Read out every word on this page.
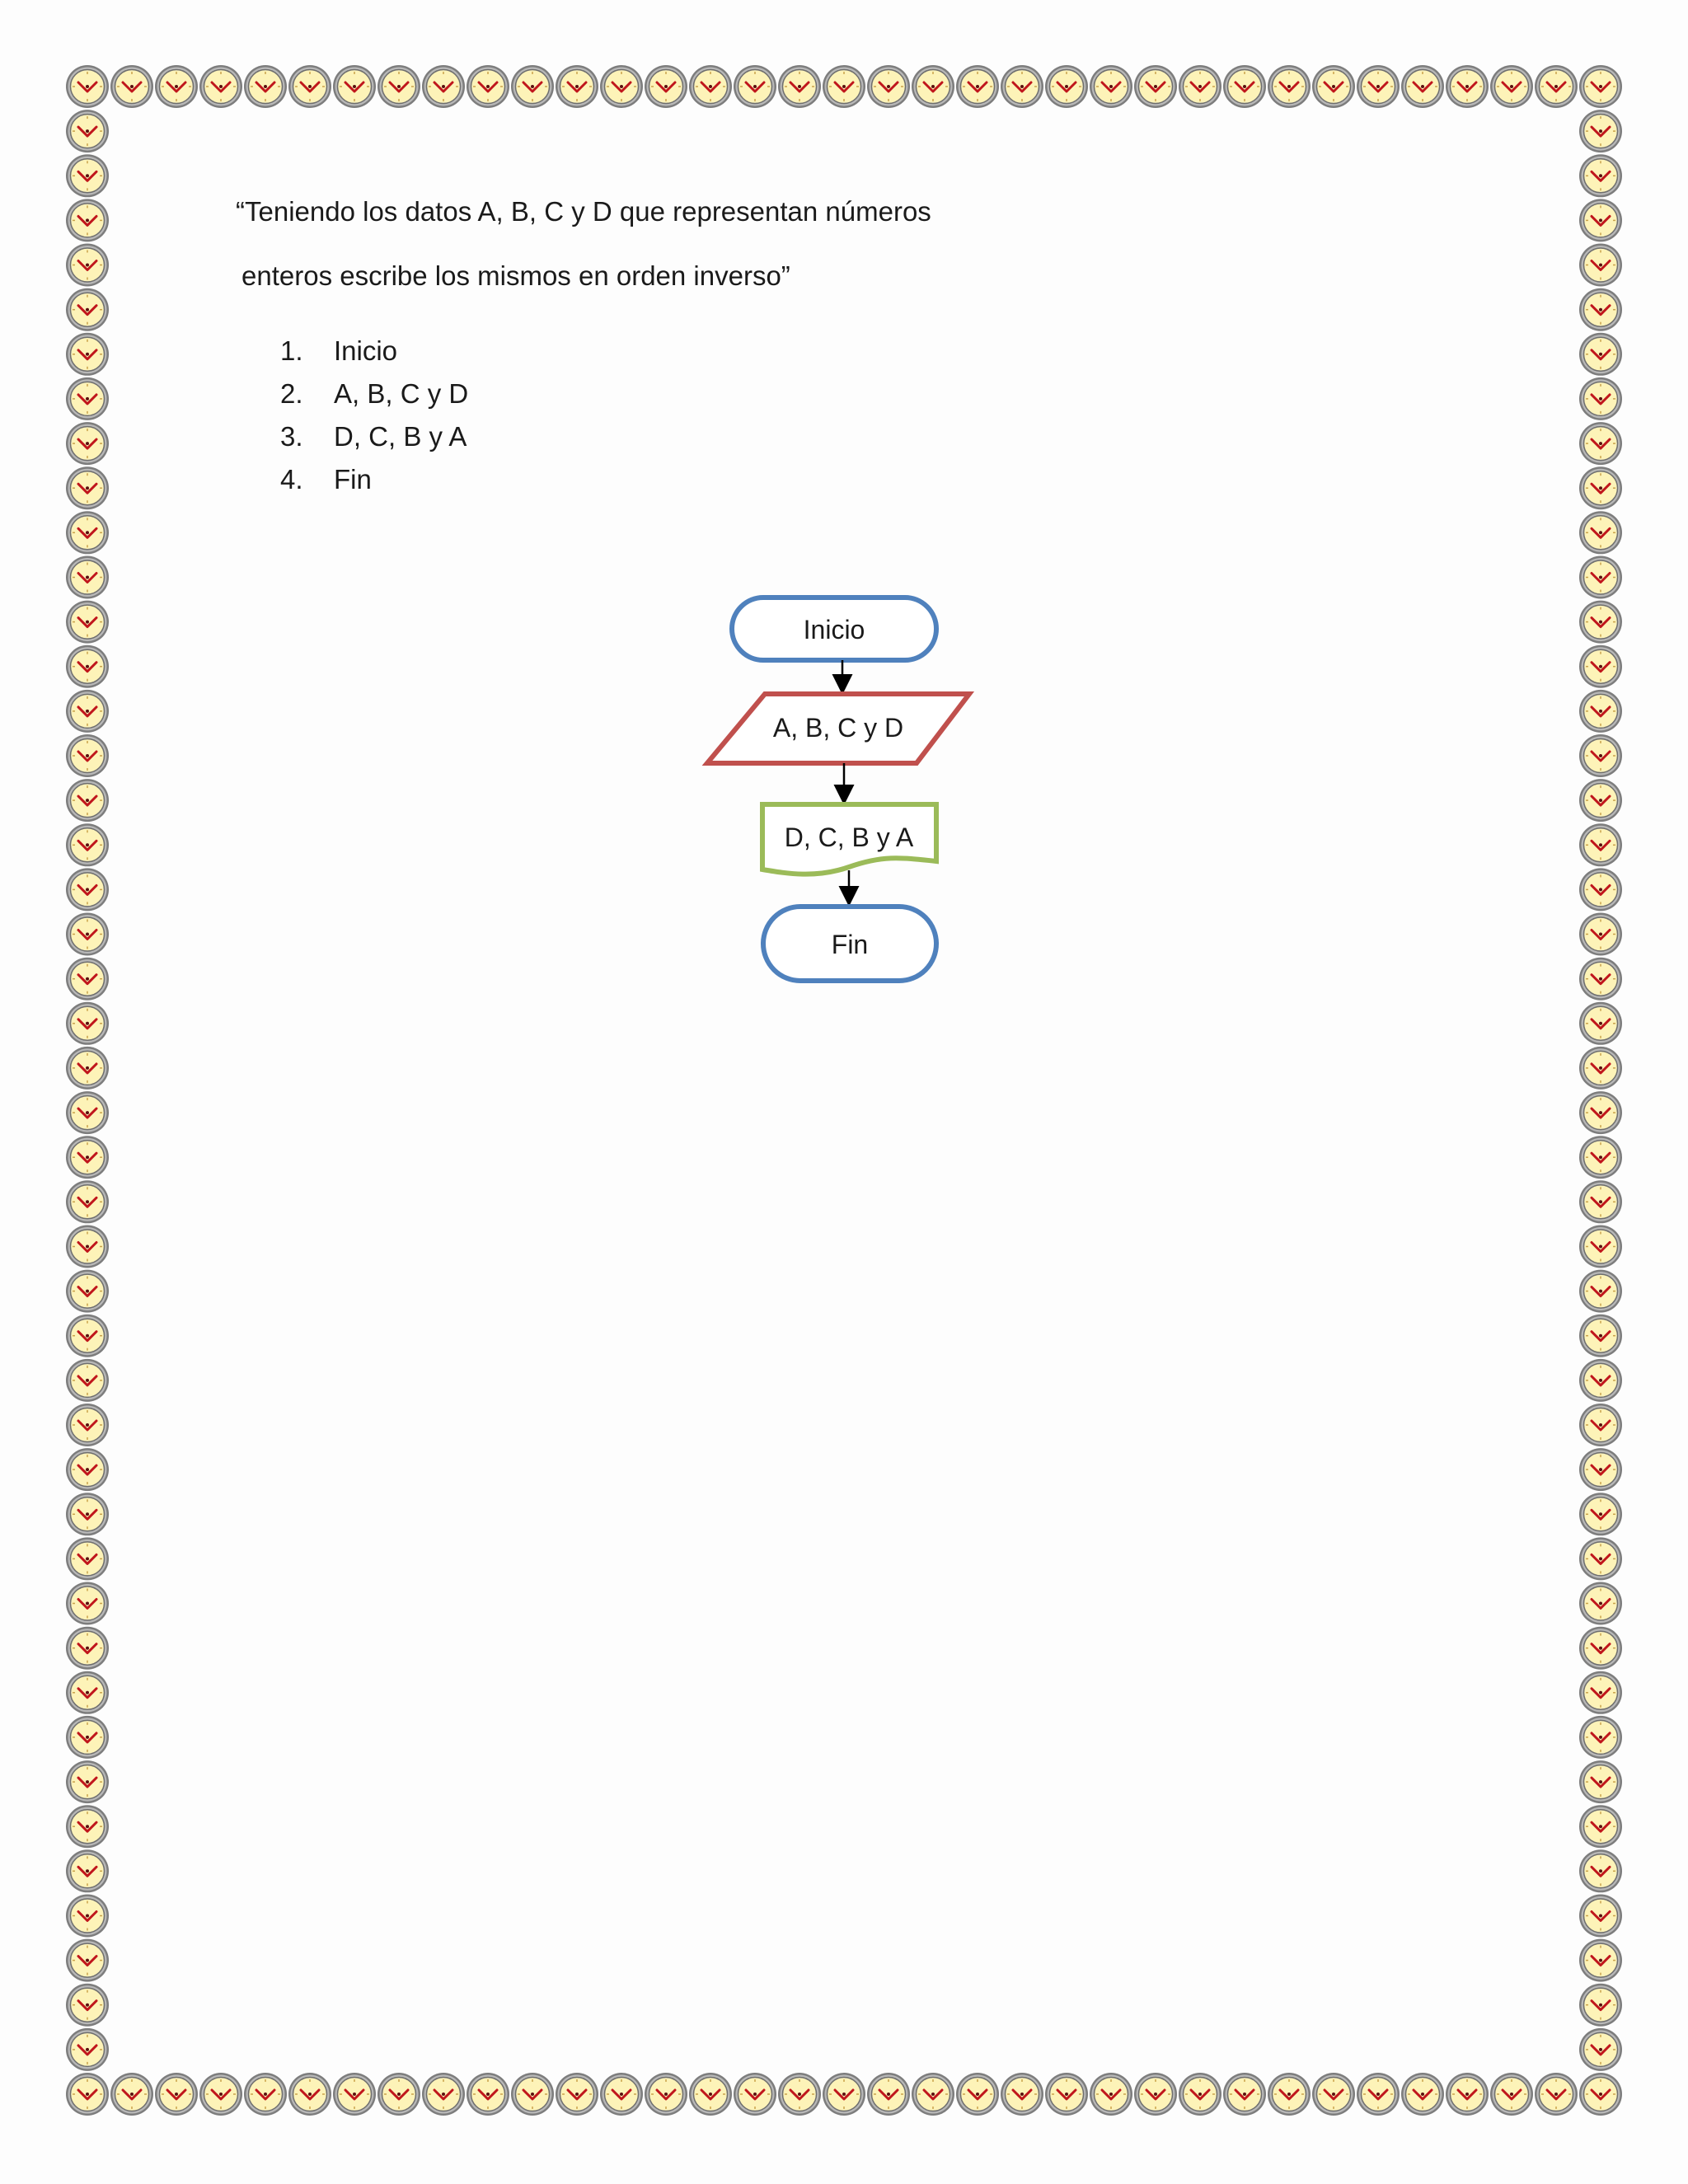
“Teniendo los datos A, B, C y D que representan números

enteros escribe los mismos en orden inverso”

1.	Inicio
2.	A, B, C y D
3.	D, C, B y A
4.	Fin
Inicio
A, B, C y D
D, C, B y A
Fin
